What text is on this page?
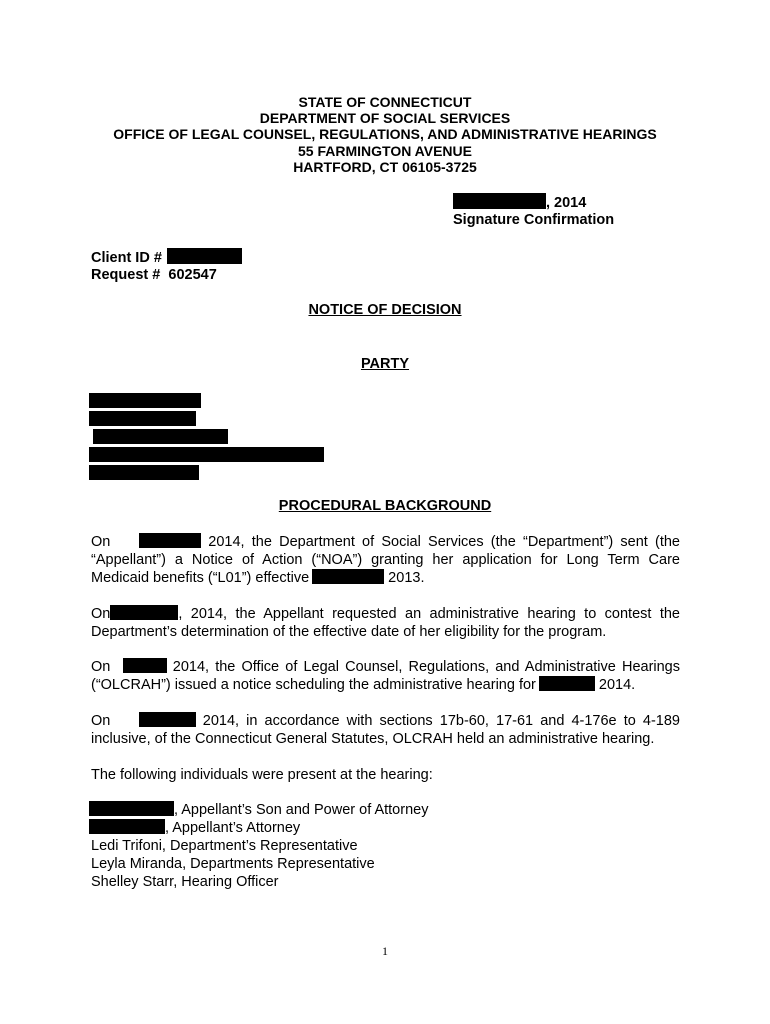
STATE OF CONNECTICUT
DEPARTMENT OF SOCIAL SERVICES
OFFICE OF LEGAL COUNSEL, REGULATIONS, AND ADMINISTRATIVE HEARINGS
55 FARMINGTON AVENUE
HARTFORD, CT 06105-3725
, 2014
Signature Confirmation
Client ID #
Request # 602547
NOTICE OF DECISION
PARTY
PROCEDURAL BACKGROUND
On	2014, the Department of Social Services (the “Department”) sent (the
“Appellant”) a Notice of Action (“NOA”) granting her application for Long Term Care
Medicaid benefits (“L01”) effective	2013.
On	, 2014, the Appellant requested an administrative hearing to contest the
Department’s determination of the effective date of her eligibility for the program.
On	2014, the Office of Legal Counsel, Regulations, and Administrative Hearings
(“OLCRAH”) issued a notice scheduling the administrative hearing for	2014.
On	2014, in accordance with sections 17b-60, 17-61 and 4-176e to 4-189
inclusive, of the Connecticut General Statutes, OLCRAH held an administrative hearing.
The following individuals were present at the hearing:
, Appellant’s Son and Power of Attorney
, Appellant’s Attorney
Ledi Trifoni, Department’s Representative
Leyla Miranda, Departments Representative
Shelley Starr, Hearing Officer
1
